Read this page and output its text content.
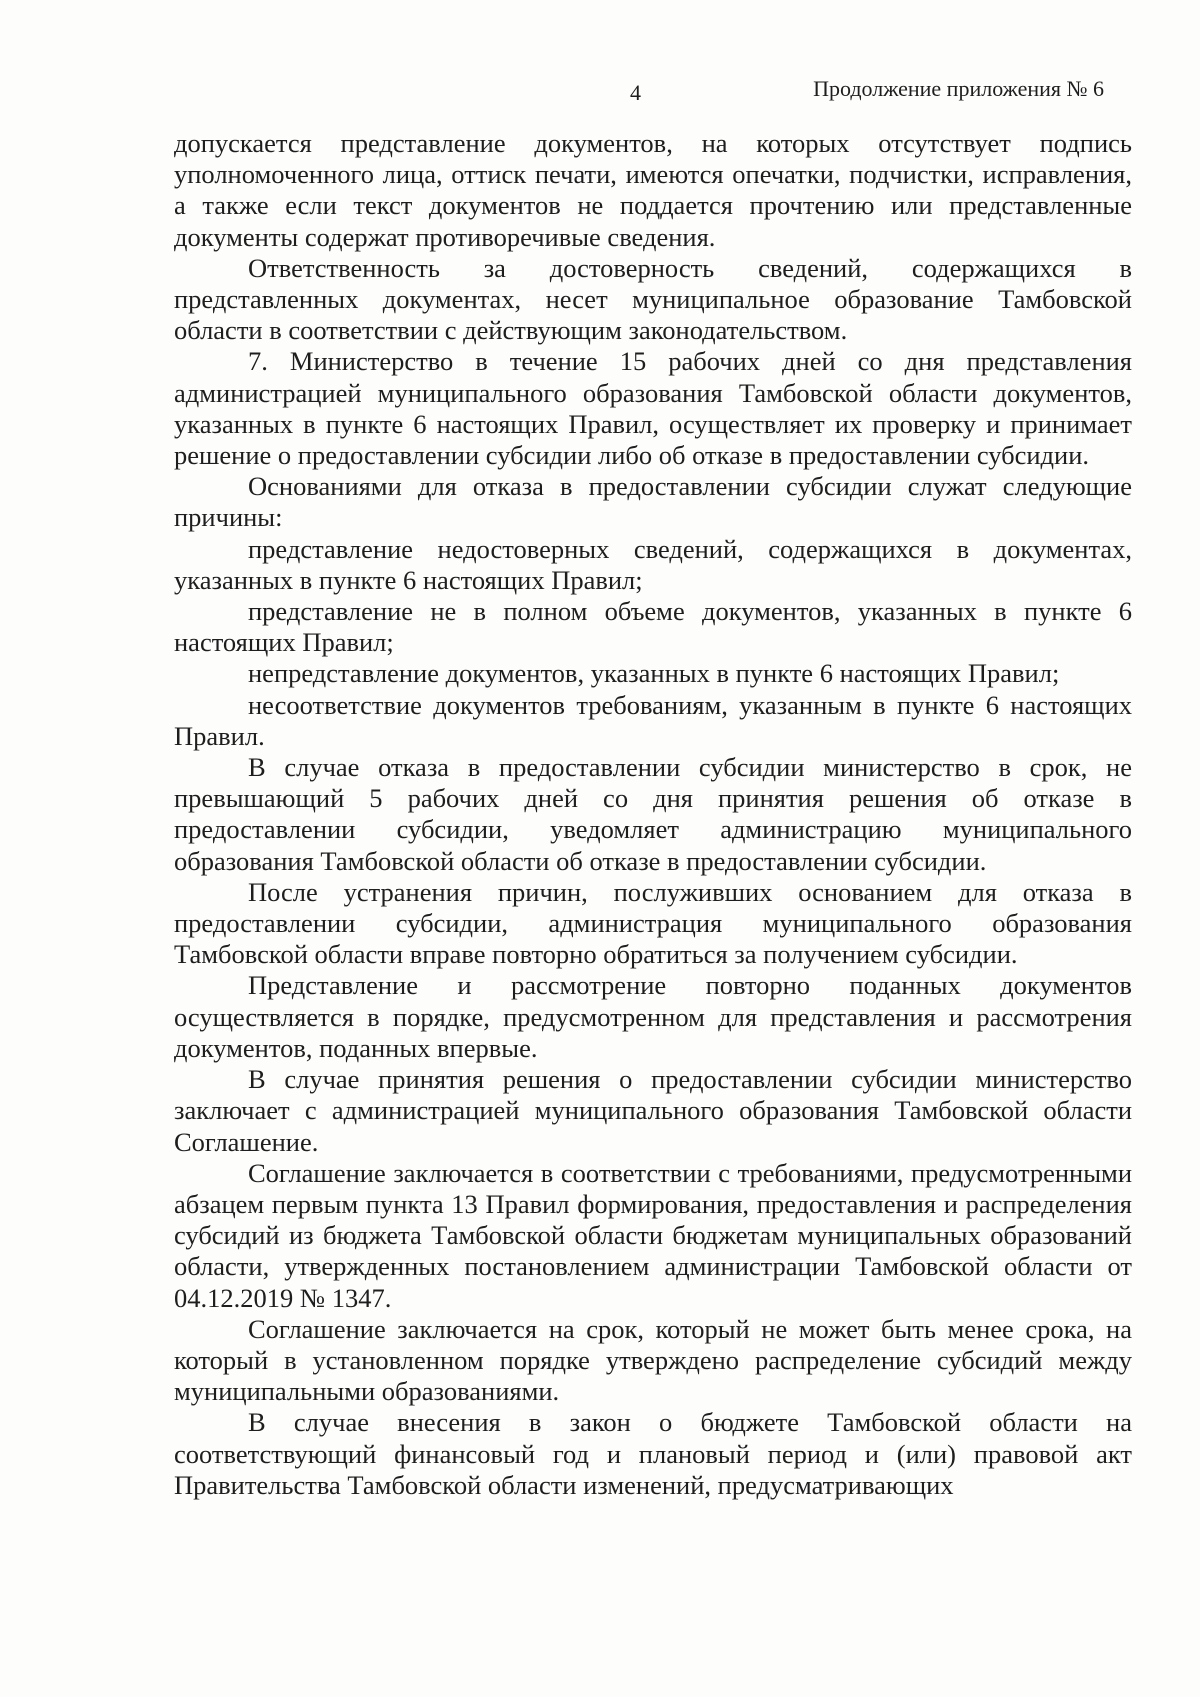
4	Продолжение приложения № 6

допускается представление документов, на которых отсутствует подпись уполномоченного лица, оттиск печати, имеются опечатки, подчистки, исправления, а также если текст документов не поддается прочтению или представленные документы содержат противоречивые сведения.

Ответственность за достоверность сведений, содержащихся в представленных документах, несет муниципальное образование Тамбовской области в соответствии с действующим законодательством.

7. Министерство в течение 15 рабочих дней со дня представления администрацией муниципального образования Тамбовской области документов, указанных в пункте 6 настоящих Правил, осуществляет их проверку и принимает решение о предоставлении субсидии либо об отказе в предоставлении субсидии.

Основаниями для отказа в предоставлении субсидии служат следующие причины:

представление недостоверных сведений, содержащихся в документах, указанных в пункте 6 настоящих Правил;

представление не в полном объеме документов, указанных в пункте 6 настоящих Правил;

непредставление документов, указанных в пункте 6 настоящих Правил;

несоответствие документов требованиям, указанным в пункте 6 настоящих Правил.

В случае отказа в предоставлении субсидии министерство в срок, не превышающий 5 рабочих дней со дня принятия решения об отказе в предоставлении субсидии, уведомляет администрацию муниципального образования Тамбовской области об отказе в предоставлении субсидии.

После устранения причин, послуживших основанием для отказа в предоставлении субсидии, администрация муниципального образования Тамбовской области вправе повторно обратиться за получением субсидии.

Представление и рассмотрение повторно поданных документов осуществляется в порядке, предусмотренном для представления и рассмотрения документов, поданных впервые.

В случае принятия решения о предоставлении субсидии министерство заключает с администрацией муниципального образования Тамбовской области Соглашение.

Соглашение заключается в соответствии с требованиями, предусмотренными абзацем первым пункта 13 Правил формирования, предоставления и распределения субсидий из бюджета Тамбовской области бюджетам муниципальных образований области, утвержденных постановлением администрации Тамбовской области от 04.12.2019 № 1347.

Соглашение заключается на срок, который не может быть менее срока, на который в установленном порядке утверждено распределение субсидий между муниципальными образованиями.

В случае внесения в закон о бюджете Тамбовской области на соответствующий финансовый год и плановый период и (или) правовой акт Правительства Тамбовской области изменений, предусматривающих
